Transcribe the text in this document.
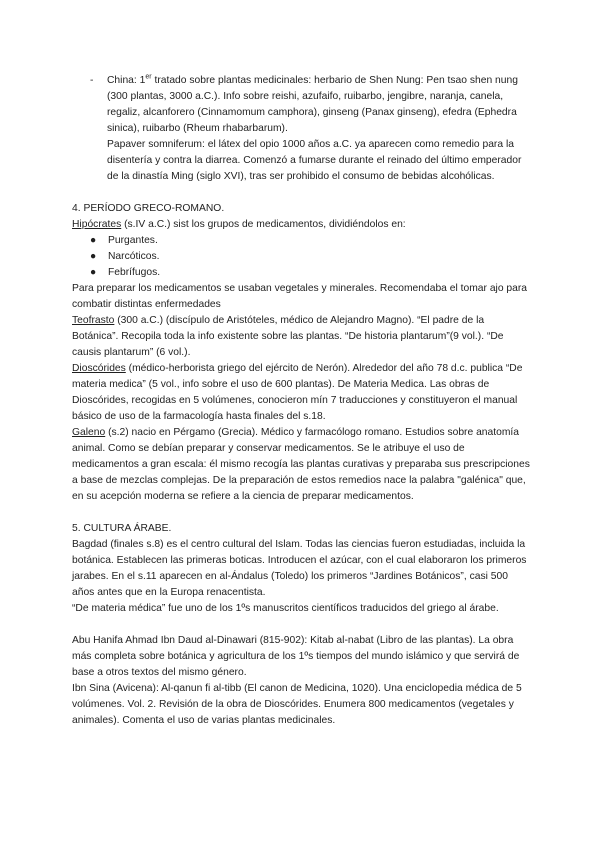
- China: 1er tratado sobre plantas medicinales: herbario de Shen Nung: Pen tsao shen nung (300 plantas, 3000 a.C.). Info sobre reishi, azufaifo, ruibarbo, jengibre, naranja, canela, regaliz, alcanforero (Cinnamomum camphora), ginseng (Panax ginseng), efedra (Ephedra sinica), ruibarbo (Rheum rhabarbarum).

Papaver somniferum: el látex del opio 1000 años a.C. ya aparecen como remedio para la disentería y contra la diarrea. Comenzó a fumarse durante el reinado del último emperador de la dinastía Ming (siglo XVI), tras ser prohibido el consumo de bebidas alcohólicas.

4. PERÍODO GRECO-ROMANO.

Hipócrates (s.IV a.C.) sist los grupos de medicamentos, dividiéndolos en:

● Purgantes.
● Narcóticos.
● Febrífugos.

Para preparar los medicamentos se usaban vegetales y minerales. Recomendaba el tomar ajo para combatir distintas enfermedades

Teofrasto (300 a.C.) (discípulo de Aristóteles, médico de Alejandro Magno). “El padre de la Botánica”. Recopila toda la info existente sobre las plantas. “De historia plantarum”(9 vol.). “De causis plantarum” (6 vol.).

Dioscórides (médico-herborista griego del ejército de Nerón). Alrededor del año 78 d.c. publica “De materia medica” (5 vol., info sobre el uso de 600 plantas). De Materia Medica. Las obras de Dioscórides, recogidas en 5 volúmenes, conocieron mín 7 traducciones y constituyeron el manual básico de uso de la farmacología hasta finales del s.18.

Galeno (s.2) nacio en Pérgamo (Grecia). Médico y farmacólogo romano. Estudios sobre anatomía animal. Como se debían preparar y conservar medicamentos. Se le atribuye el uso de medicamentos a gran escala: él mismo recogía las plantas curativas y preparaba sus prescripciones a base de mezclas complejas. De la preparación de estos remedios nace la palabra "galénica" que, en su acepción moderna se refiere a la ciencia de preparar medicamentos.

5. CULTURA ÁRABE.

Bagdad (finales s.8) es el centro cultural del Islam. Todas las ciencias fueron estudiadas, incluida la botánica. Establecen las primeras boticas. Introducen el azúcar, con el cual elaboraron los primeros jarabes. En el s.11 aparecen en al-Ándalus (Toledo) los primeros “Jardines Botánicos”, casi 500 años antes que en la Europa renacentista.

“De materia médica” fue uno de los 1ºs manuscritos científicos traducidos del griego al árabe.

Abu Hanifa Ahmad Ibn Daud al-Dinawari (815-902): Kitab al-nabat (Libro de las plantas). La obra más completa sobre botánica y agricultura de los 1ºs tiempos del mundo islámico y que servirá de base a otros textos del mismo género.

Ibn Sina (Avicena): Al-qanun fi al-tibb (El canon de Medicina, 1020). Una enciclopedia médica de 5 volúmenes. Vol. 2. Revisión de la obra de Dioscórides. Enumera 800 medicamentos (vegetales y animales). Comenta el uso de varias plantas medicinales.
